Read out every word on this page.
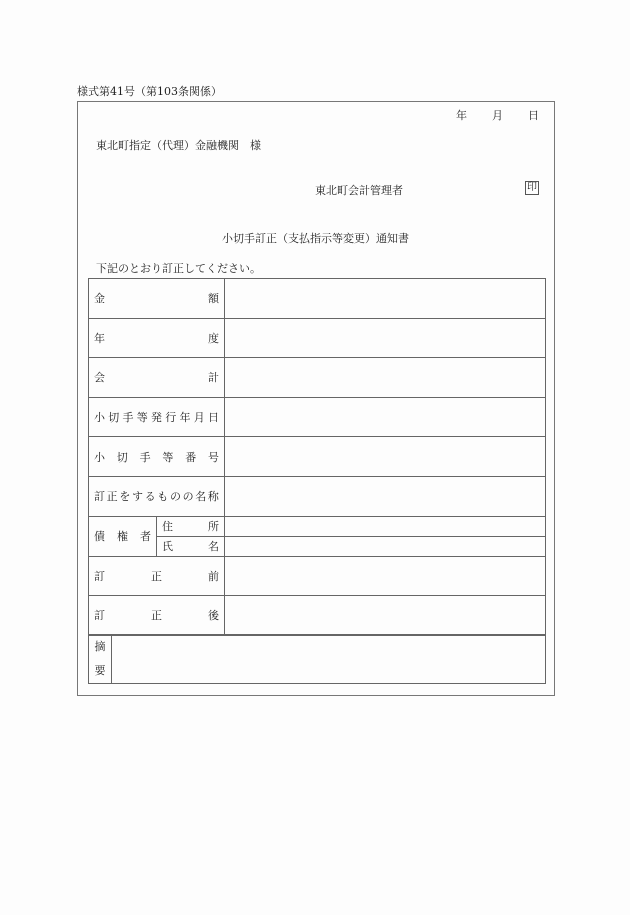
様式第41号（第103条関係）
年 月 日
東北町指定（代理）金融機関　様
東北町会計管理者	印
小切手訂正（支払指示等変更）通知書
下記のとおり訂正してください。
金 額		

年 度		

会 計		

小 切 手 等 発 行 年 月 日

小 切 手 等 番 号

訂 正 を す る も の の 名 称

債 権 者	住 所	

	氏 名	

訂 正 前		

訂 正 後		

摘
要	
